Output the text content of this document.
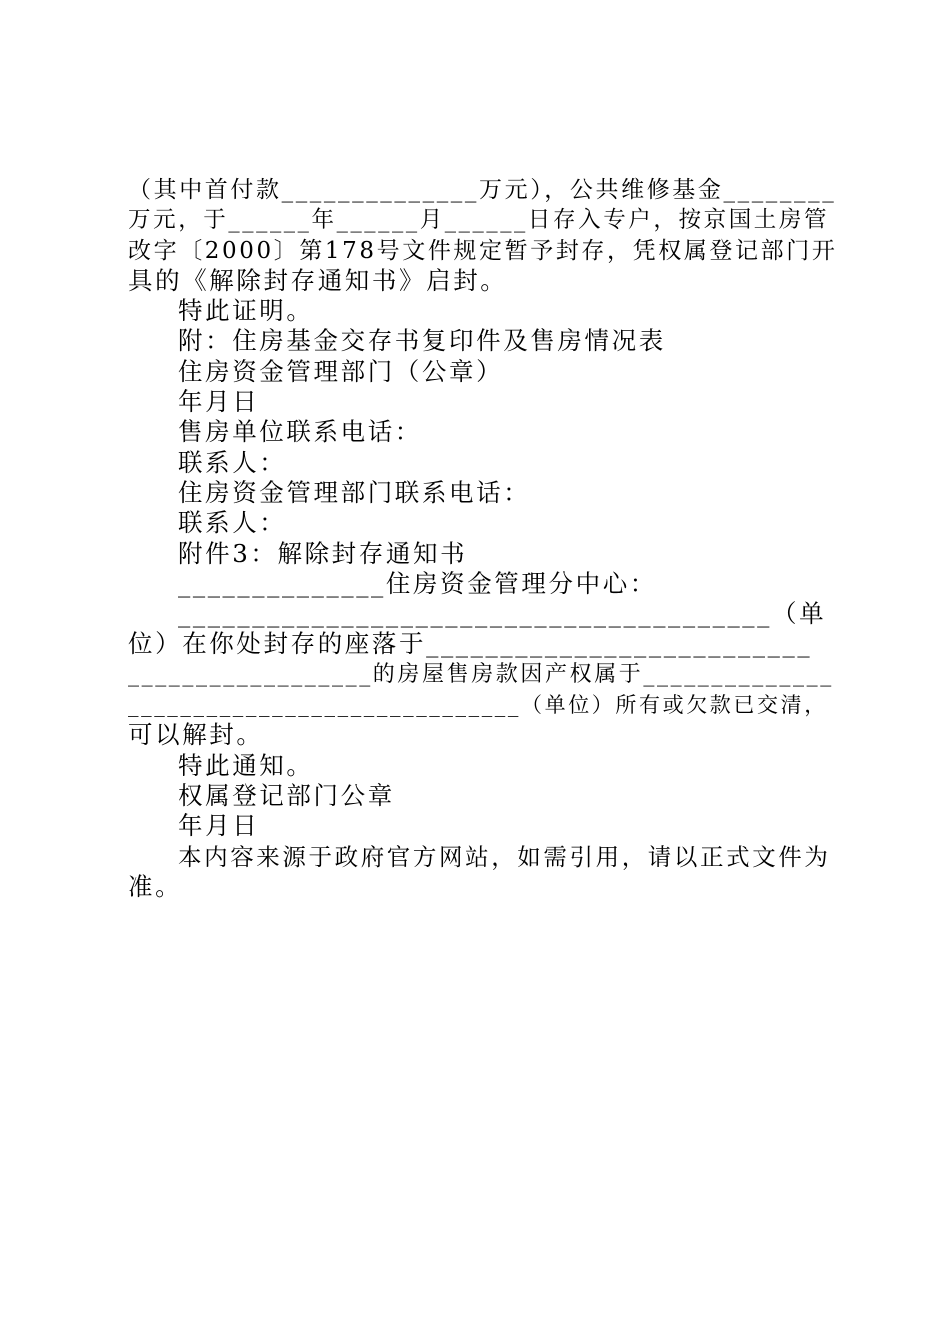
（其中首付款______________万元），公共维修基金________
万元，于______年______月______日存入专户，按京国土房管
改字〔2000〕第178号文件规定暂予封存，凭权属登记部门开
具的《解除封存通知书》启封。
特此证明。
附：住房基金交存书复印件及售房情况表
住房资金管理部门（公章）
年月日
售房单位联系电话：
联系人：
住房资金管理部门联系电话：
联系人：
附件3：解除封存通知书
______________住房资金管理分中心：
________________________________________（单
位）在你处封存的座落于__________________________
__________________的房屋售房款因产权属于______________
______________________________（单位）所有或欠款已交清，
可以解封。
特此通知。
权属登记部门公章
年月日
本内容来源于政府官方网站，如需引用，请以正式文件为
准。
